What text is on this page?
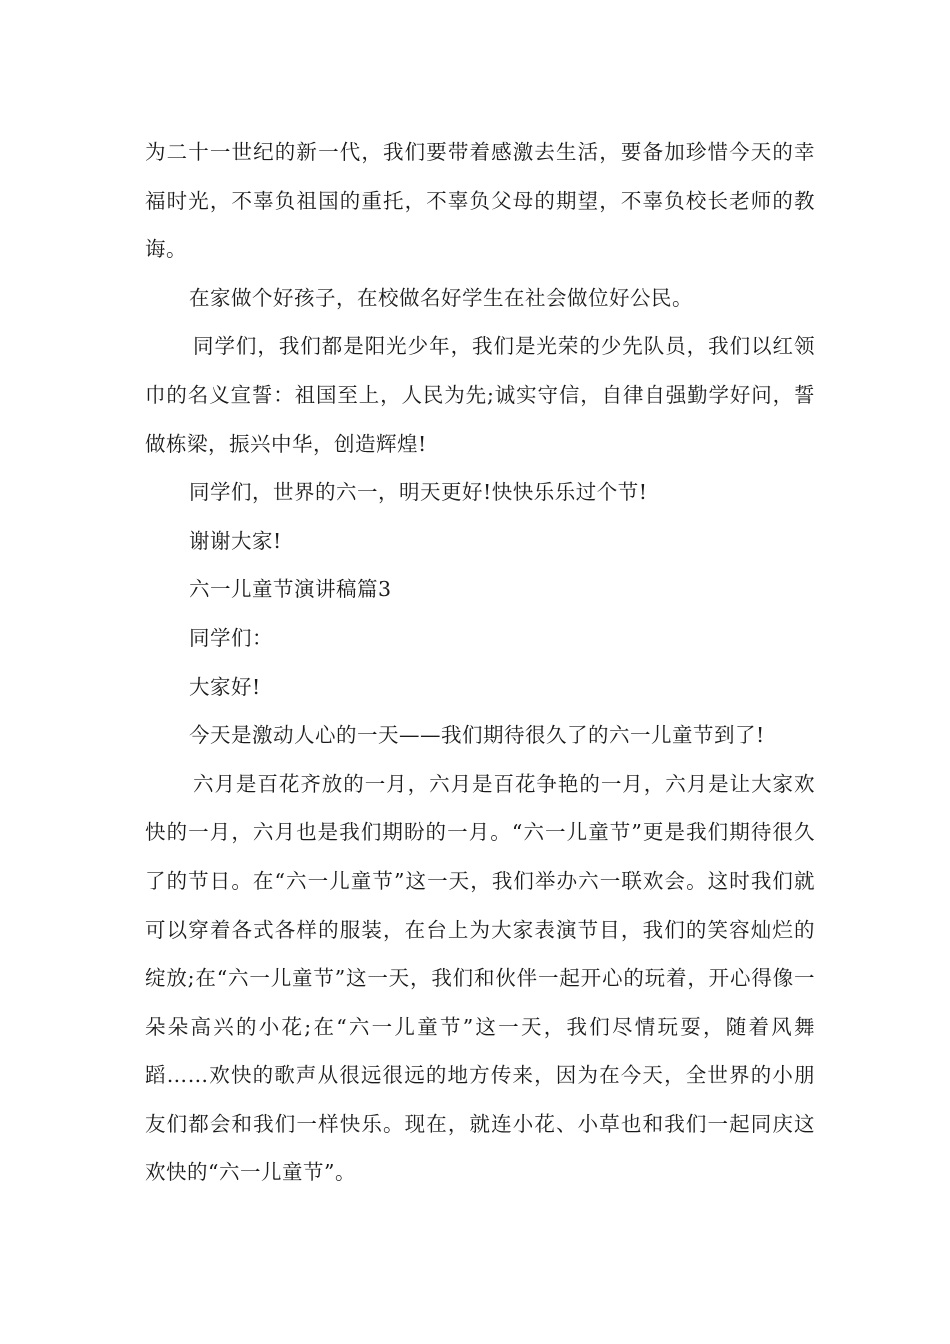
为二十一世纪的新一代，我们要带着感激去生活，要备加珍惜今天的幸福时光，不辜负祖国的重托，不辜负父母的期望，不辜负校长老师的教诲。

在家做个好孩子，在校做名好学生在社会做位好公民。

同学们，我们都是阳光少年，我们是光荣的少先队员，我们以红领巾的名义宣誓：祖国至上，人民为先;诚实守信，自律自强勤学好问，誓做栋梁，振兴中华，创造辉煌!

同学们，世界的六一，明天更好!快快乐乐过个节!

谢谢大家!

六一儿童节演讲稿篇3

同学们：

大家好!

今天是激动人心的一天——我们期待很久了的六一儿童节到了!

六月是百花齐放的一月，六月是百花争艳的一月，六月是让大家欢快的一月，六月也是我们期盼的一月。“六一儿童节”更是我们期待很久了的节日。在“六一儿童节”这一天，我们举办六一联欢会。这时我们就可以穿着各式各样的服装，在台上为大家表演节目，我们的笑容灿烂的绽放;在“六一儿童节”这一天，我们和伙伴一起开心的玩着，开心得像一朵朵高兴的小花;在“六一儿童节”这一天，我们尽情玩耍，随着风舞蹈……欢快的歌声从很远很远的地方传来，因为在今天，全世界的小朋友们都会和我们一样快乐。现在，就连小花、小草也和我们一起同庆这欢快的“六一儿童节”。
